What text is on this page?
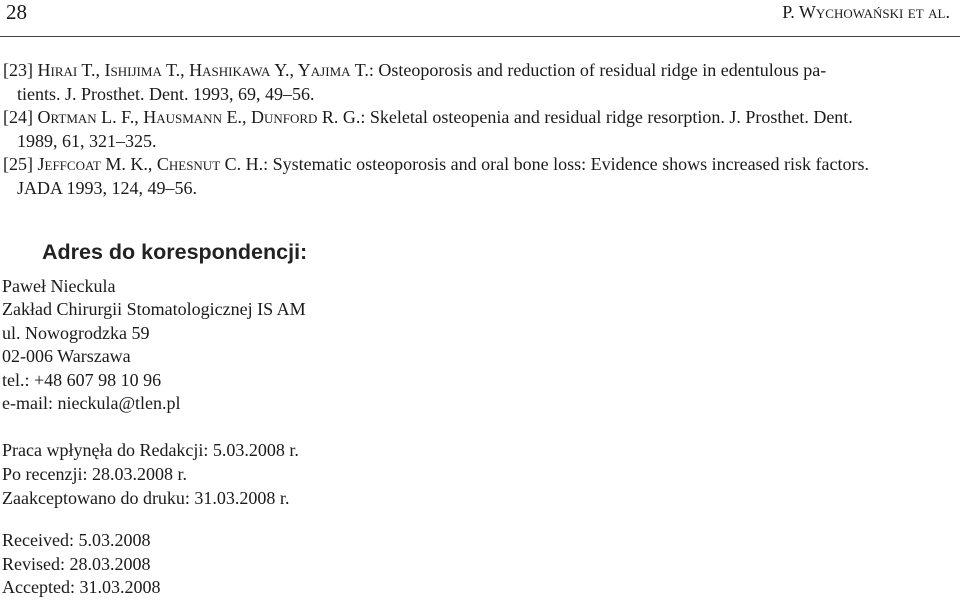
28	P. Wychowański et al.

[23] Hirai T., Ishijima T., Hashikawa Y., Yajima T.: Osteoporosis and reduction of residual ridge in edentulous pa-
tients. J. Prosthet. Dent. 1993, 69, 49–56.

[24] Ortman L. F., Hausmann E., Dunford R. G.: Skeletal osteopenia and residual ridge resorption. J. Prosthet. Dent.
1989, 61, 321–325.

[25] Jeffcoat M. K., Chesnut C. H.: Systematic osteoporosis and oral bone loss: Evidence shows increased risk factors.
JADA 1993, 124, 49–56.

Adres do korespondencji:
Paweł Nieckula
Zakład Chirurgii Stomatologicznej IS AM
ul. Nowogrodzka 59
02-006 Warszawa
tel.: +48 607 98 10 96
e-mail: nieckula@tlen.pl
Praca wpłynęła do Redakcji: 5.03.2008 r.
Po recenzji: 28.03.2008 r.
Zaakceptowano do druku: 31.03.2008 r.
Received: 5.03.2008
Revised: 28.03.2008
Accepted: 31.03.2008
